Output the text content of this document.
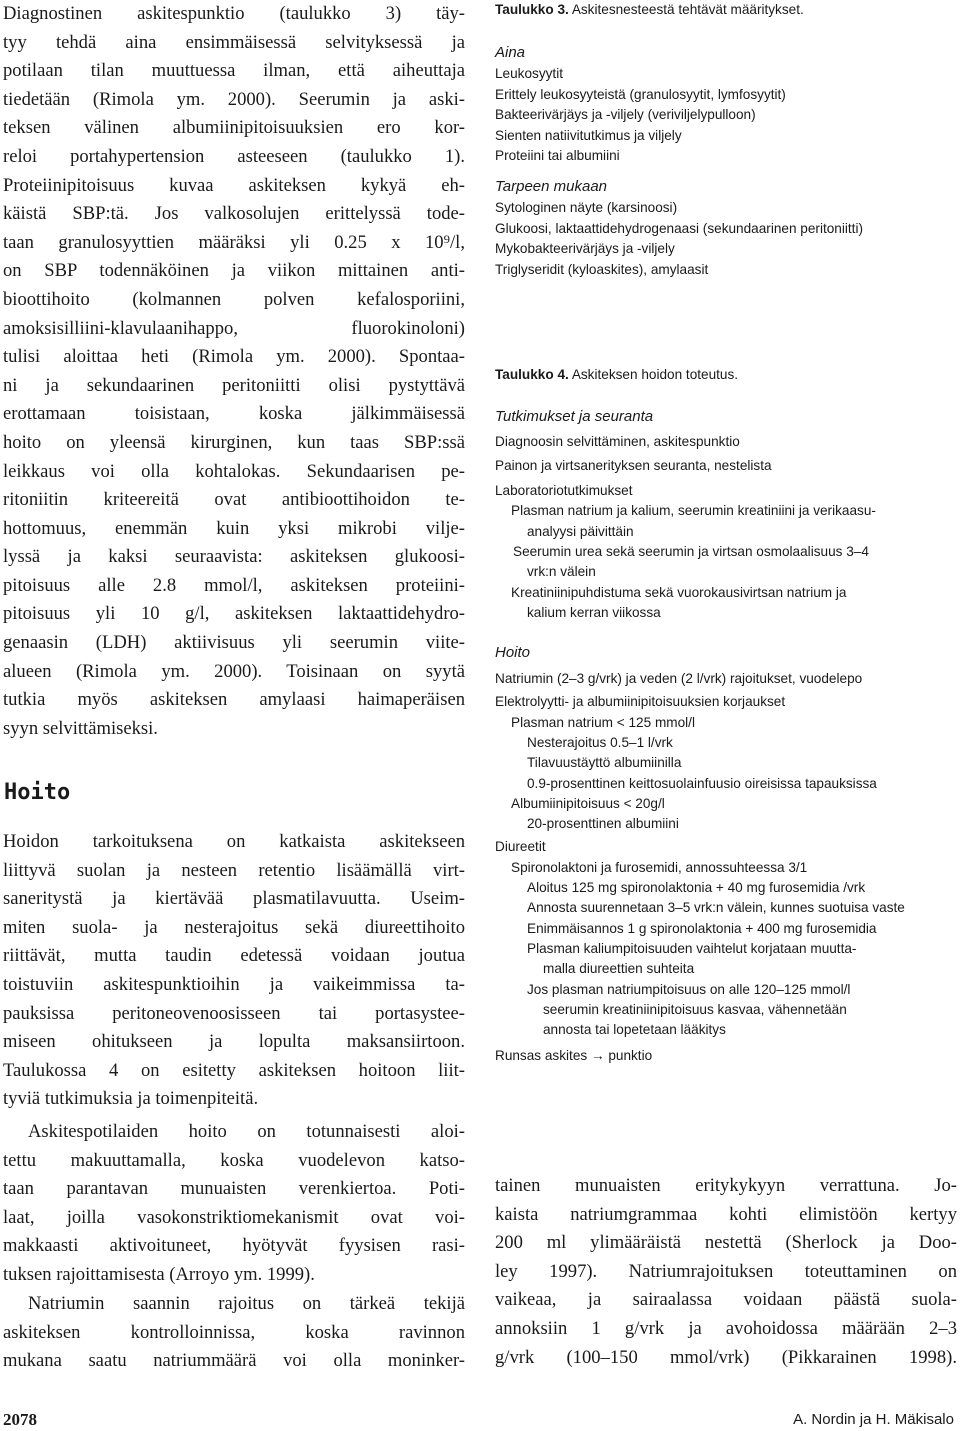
Diagnostinen askitespunktio (taulukko 3) täy-
tyy tehdä aina ensimmäisessä selvityksessä ja
potilaan tilan muuttuessa ilman, että aiheuttaja
tiedetään (Rimola ym. 2000). Seerumin ja aski-
teksen välinen albumiinipitoisuuksien ero kor-
reloi portahypertension asteeseen (taulukko 1).
Proteiinipitoisuus kuvaa askiteksen kykyä eh-
käistä SBP:tä. Jos valkosolujen erittelyssä tode-
taan granulosyyttien määräksi yli 0.25 x 10⁹/l,
on SBP todennäköinen ja viikon mittainen anti-
bioottihoito (kolmannen polven kefalosporiini,
amoksisilliini-klavulaanihappo, fluorokinoloni)
tulisi aloittaa heti (Rimola ym. 2000). Spontaa-
ni ja sekundaarinen peritoniitti olisi pystyttävä
erottamaan toisistaan, koska jälkimmäisessä
hoito on yleensä kirurginen, kun taas SBP:ssä
leikkaus voi olla kohtalokas. Sekundaarisen pe-
ritoniitin kriteereitä ovat antibioottihoidon te-
hottomuus, enemmän kuin yksi mikrobi vilje-
lyssä ja kaksi seuraavista: askiteksen glukoosi-
pitoisuus alle 2.8 mmol/l, askiteksen proteiini-
pitoisuus yli 10 g/l, askiteksen laktaattidehydro-
genaasin (LDH) aktiivisuus yli seerumin viite-
alueen (Rimola ym. 2000). Toisinaan on syytä
tutkia myös askiteksen amylaasi haimaperäisen
syyn selvittämiseksi.
Hoito
Hoidon tarkoituksena on katkaista askitekseen
liittyvä suolan ja nesteen retentio lisäämällä virt-
saneritystä ja kiertävää plasmatilavuutta. Useim-
miten suola- ja nesterajoitus sekä diureettihoito
riittävät, mutta taudin edetessä voidaan joutua
toistuviin askitespunktioihin ja vaikeimmissa ta-
pauksissa peritoneovenoosisseen tai portasystee-
miseen ohitukseen ja lopulta maksansiirtoon.
Taulukossa 4 on esitetty askiteksen hoitoon liit-
tyviä tutkimuksia ja toimenpiteitä.
Askitespotilaiden hoito on totunnaisesti aloi-
tettu makuuttamalla, koska vuodelevon katso-
taan parantavan munuaisten verenkiertoa. Poti-
laat, joilla vasokonstriktiomekanismit ovat voi-
makkaasti aktivoituneet, hyötyvät fyysisen rasi-
tuksen rajoittamisesta (Arroyo ym. 1999).
Natriumin saannin rajoitus on tärkeä tekijä
askiteksen kontrolloinnissa, koska ravinnon
mukana saatu natriummäärä voi olla moninker-
Taulukko 3. Askitesnesteestä tehtävät määritykset.
Aina
Leukosyytit
Erittely leukosyyteistä (granulosyytit, lymfosyytit)
Bakteerivärjäys ja -viljely (veriviljelypulloon)
Sienten natiivitutkimus ja viljely
Proteiini tai albumiini
Tarpeen mukaan
Sytologinen näyte (karsinoosi)
Glukoosi, laktaattidehydrogenaasi (sekundaarinen peritoniitti)
Mykobakteerivärjäys ja -viljely
Triglyseridit (kyloaskites), amylaasit
Taulukko 4. Askiteksen hoidon toteutus.
Tutkimukset ja seuranta
Diagnoosin selvittäminen, askitespunktio
Painon ja virtsanerityksen seuranta, nestelista
Laboratoriotutkimukset
Plasman natrium ja kalium, seerumin kreatiniini ja verikaasu-
analyysi päivittäin
Seerumin urea sekä seerumin ja virtsan osmolaalisuus 3–4
vrk:n välein
Kreatiniinipuhdistuma sekä vuorokausivirtsan natrium ja
kalium kerran viikossa
Hoito
Natriumin (2–3 g/vrk) ja veden (2 l/vrk) rajoitukset, vuodelepo
Elektrolyytti- ja albumiinipitoisuuksien korjaukset
Plasman natrium < 125 mmol/l
Nesterajoitus 0.5–1 l/vrk
Tilavuustäyttö albumiinilla
0.9-prosenttinen keittosuolainfuusio oireisissa tapauksissa
Albumiinipitoisuus < 20g/l
20-prosenttinen albumiini
Diureetit
Spironolaktoni ja furosemidi, annossuhteessa 3/1
Aloitus 125 mg spironolaktonia + 40 mg furosemidia /vrk
Annosta suurennetaan 3–5 vrk:n välein, kunnes suotuisa vaste
Enimmäisannos 1 g spironolaktonia + 400 mg furosemidia
Plasman kaliumpitoisuuden vaihtelut korjataan muutta-
malla diureettien suhteita
Jos plasman natriumpitoisuus on alle 120–125 mmol/l
seerumin kreatiniinipitoisuus kasvaa, vähennetään
annosta tai lopetetaan lääkitys
Runsas askites → punktio
tainen munuaisten eritykykyyn verrattuna. Jo-
kaista natriumgrammaa kohti elimistöön kertyy
200 ml ylimääräistä nestettä (Sherlock ja Doo-
ley 1997). Natriumrajoituksen toteuttaminen on
vaikeaa, ja sairaalassa voidaan päästä suola-
annoksiin 1 g/vrk ja avohoidossa määrään 2–3
g/vrk (100–150 mmol/vrk) (Pikkarainen 1998).
2078	A. Nordin ja H. Mäkisalo
